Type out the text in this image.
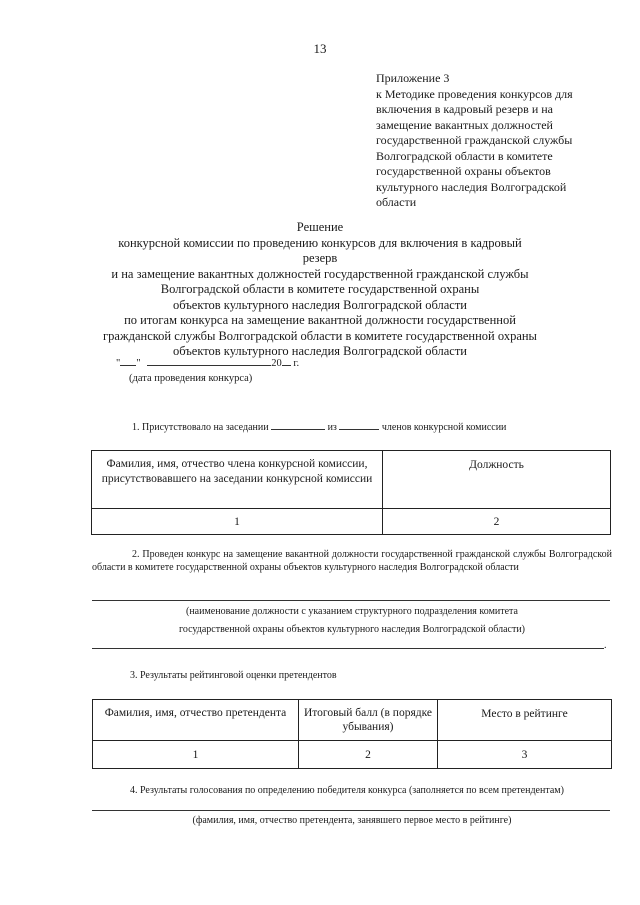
13
Приложение 3
к Методике проведения конкурсов для
включения в кадровый резерв и на
замещение вакантных должностей
государственной гражданской службы
Волгоградской области в комитете
государственной охраны объектов
культурного наследия Волгоградской
области
Решение
конкурсной комиссии по проведению конкурсов для включения в кадровый резерв
и на замещение вакантных должностей государственной гражданской службы
Волгоградской области в комитете государственной охраны
объектов культурного наследия Волгоградской области
по итогам конкурса на замещение вакантной должности государственной
гражданской службы Волгоградской области в комитете государственной охраны
объектов культурного наследия Волгоградской области
" "	20 г.
(дата проведения конкурса)
1. Присутствовало на заседании	из	членов конкурсной комиссии
Фамилия, имя, отчество члена конкурсной комиссии, присутствовавшего на заседании конкурсной комиссии	Должность
1	2
2. Проведен конкурс на замещение вакантной должности государственной гражданской службы Волгоградской области в комитете государственной охраны объектов культурного наследия Волгоградской области
(наименование должности с указанием структурного подразделения комитета
государственной охраны объектов культурного наследия Волгоградской области)
.
3. Результаты рейтинговой оценки претендентов
Фамилия, имя, отчество претендента	Итоговый балл (в порядке убывания)	Место в рейтинге
1	2	3
4. Результаты голосования по определению победителя конкурса (заполняется по всем претендентам)
(фамилия, имя, отчество претендента, занявшего первое место в рейтинге)
